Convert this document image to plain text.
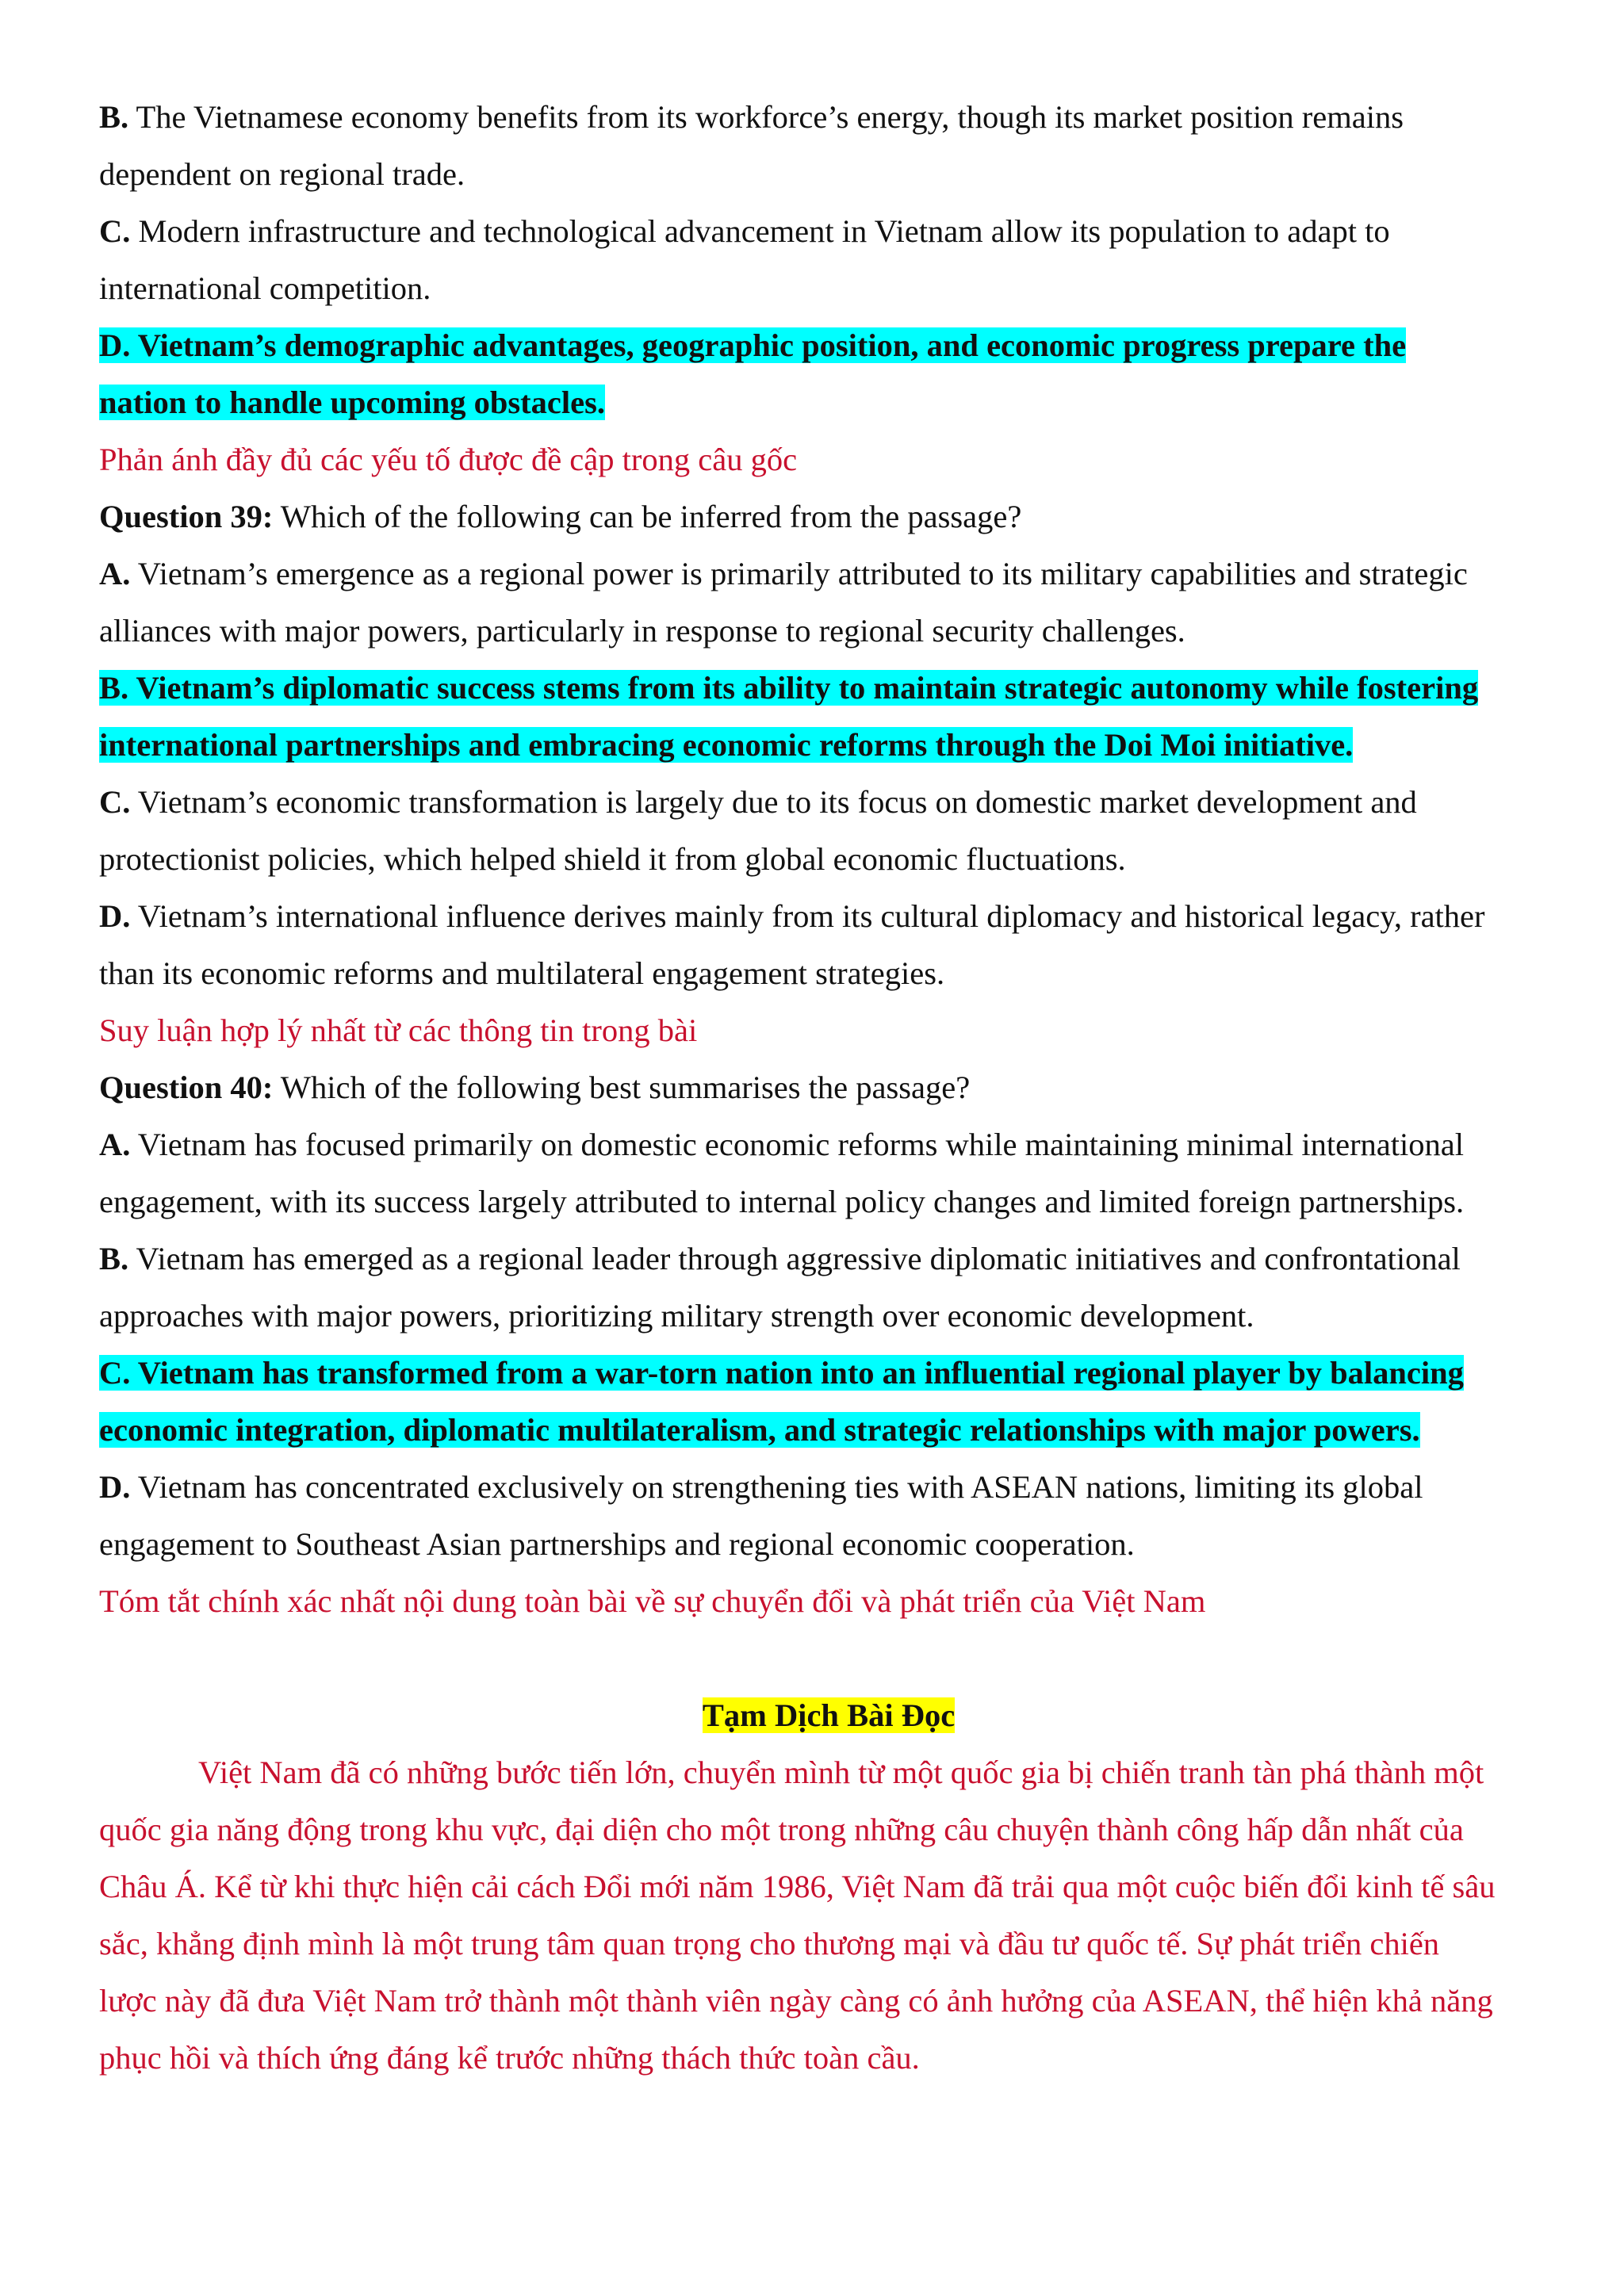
B. The Vietnamese economy benefits from its workforce’s energy, though its market position remains
dependent on regional trade.
C. Modern infrastructure and technological advancement in Vietnam allow its population to adapt to
international competition.
D. Vietnam’s demographic advantages, geographic position, and economic progress prepare the
nation to handle upcoming obstacles.
Phản ánh đầy đủ các yếu tố được đề cập trong câu gốc
Question 39: Which of the following can be inferred from the passage?
A. Vietnam’s emergence as a regional power is primarily attributed to its military capabilities and strategic
alliances with major powers, particularly in response to regional security challenges.
B. Vietnam’s diplomatic success stems from its ability to maintain strategic autonomy while fostering
international partnerships and embracing economic reforms through the Doi Moi initiative.
C. Vietnam’s economic transformation is largely due to its focus on domestic market development and
protectionist policies, which helped shield it from global economic fluctuations.
D. Vietnam’s international influence derives mainly from its cultural diplomacy and historical legacy, rather
than its economic reforms and multilateral engagement strategies.
Suy luận hợp lý nhất từ các thông tin trong bài
Question 40: Which of the following best summarises the passage?
A. Vietnam has focused primarily on domestic economic reforms while maintaining minimal international
engagement, with its success largely attributed to internal policy changes and limited foreign partnerships.
B. Vietnam has emerged as a regional leader through aggressive diplomatic initiatives and confrontational
approaches with major powers, prioritizing military strength over economic development.
C. Vietnam has transformed from a war-torn nation into an influential regional player by balancing
economic integration, diplomatic multilateralism, and strategic relationships with major powers.
D. Vietnam has concentrated exclusively on strengthening ties with ASEAN nations, limiting its global
engagement to Southeast Asian partnerships and regional economic cooperation.
Tóm tắt chính xác nhất nội dung toàn bài về sự chuyển đổi và phát triển của Việt Nam
Tạm Dịch Bài Đọc
Việt Nam đã có những bước tiến lớn, chuyển mình từ một quốc gia bị chiến tranh tàn phá thành một
quốc gia năng động trong khu vực, đại diện cho một trong những câu chuyện thành công hấp dẫn nhất của
Châu Á. Kể từ khi thực hiện cải cách Đổi mới năm 1986, Việt Nam đã trải qua một cuộc biến đổi kinh tế sâu
sắc, khẳng định mình là một trung tâm quan trọng cho thương mại và đầu tư quốc tế. Sự phát triển chiến
lược này đã đưa Việt Nam trở thành một thành viên ngày càng có ảnh hưởng của ASEAN, thể hiện khả năng
phục hồi và thích ứng đáng kể trước những thách thức toàn cầu.
